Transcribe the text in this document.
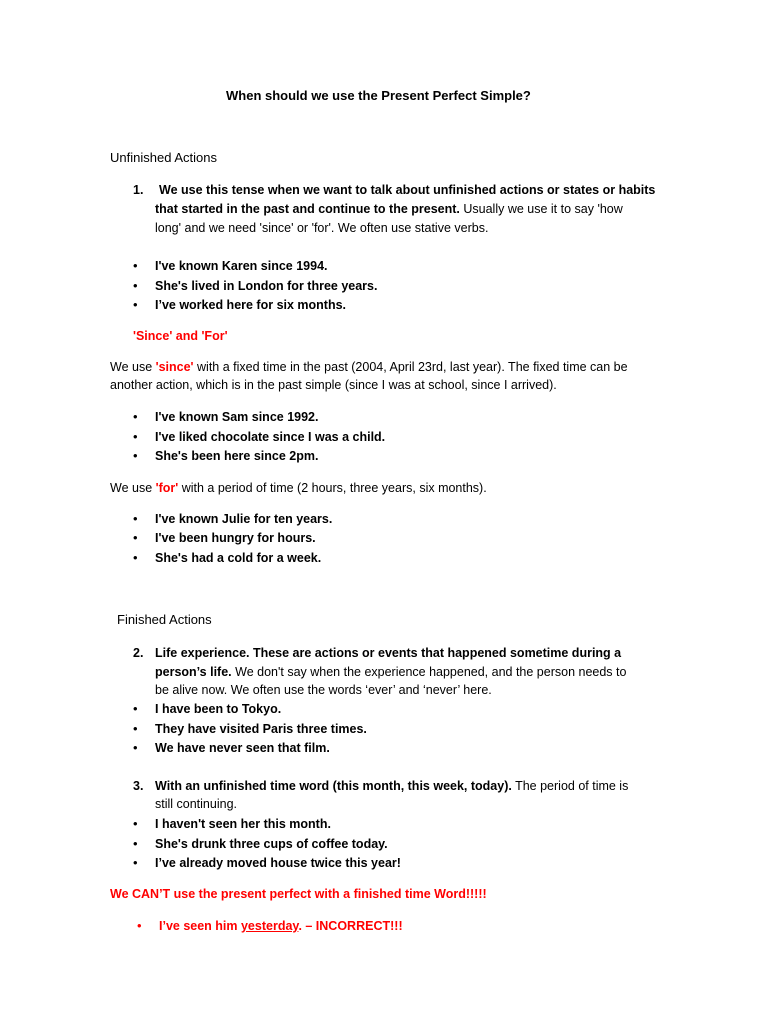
When should we use the Present Perfect Simple?
Unfinished Actions
1. We use this tense when we want to talk about unfinished actions or states or habits
that started in the past and continue to the present. Usually we use it to say 'how
long' and we need 'since' or 'for'. We often use stative verbs.
• I've known Karen since 1994.
• She's lived in London for three years.
• I’ve worked here for six months.
'Since' and 'For'
We use 'since' with a fixed time in the past (2004, April 23rd, last year). The fixed time can be
another action, which is in the past simple (since I was at school, since I arrived).
• I've known Sam since 1992.
• I've liked chocolate since I was a child.
• She's been here since 2pm.
We use 'for' with a period of time (2 hours, three years, six months).
• I've known Julie for ten years.
• I've been hungry for hours.
• She's had a cold for a week.
Finished Actions
2. Life experience. These are actions or events that happened sometime during a
person’s life. We don't say when the experience happened, and the person needs to
be alive now. We often use the words ‘ever’ and ‘never’ here.
• I have been to Tokyo.
• They have visited Paris three times.
• We have never seen that film.
3. With an unfinished time word (this month, this week, today). The period of time is
still continuing.
• I haven't seen her this month.
• She's drunk three cups of coffee today.
• I’ve already moved house twice this year!
We CAN’T use the present perfect with a finished time Word!!!!!
• I’ve seen him yesterday. – INCORRECT!!!
